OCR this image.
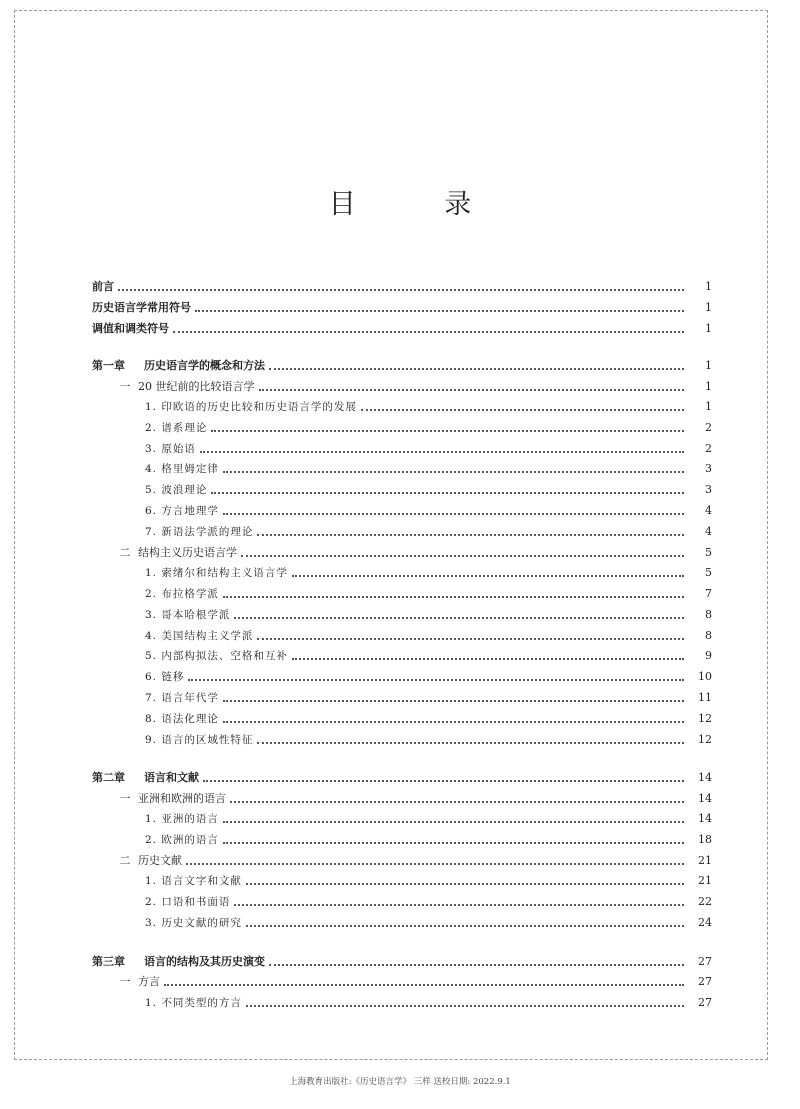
目 录
前言	1
历史语言学常用符号	1
调值和调类符号	1
第一章 历史语言学的概念和方法	1
一 20 世纪前的比较语言学	1
1. 印欧语的历史比较和历史语言学的发展	1
2. 谱系理论	2
3. 原始语	2
4. 格里姆定律	3
5. 波浪理论	3
6. 方言地理学	4
7. 新语法学派的理论	4
二 结构主义历史语言学	5
1. 索绪尔和结构主义语言学	5
2. 布拉格学派	7
3. 哥本哈根学派	8
4. 美国结构主义学派	8
5. 内部构拟法、空格和互补	9
6. 链移	10
7. 语言年代学	11
8. 语法化理论	12
9. 语言的区域性特征	12
第二章 语言和文献	14
一 亚洲和欧洲的语言	14
1. 亚洲的语言	14
2. 欧洲的语言	18
二 历史文献	21
1. 语言文字和文献	21
2. 口语和书面语	22
3. 历史文献的研究	24
第三章 语言的结构及其历史演变	27
一 方言	27
1. 不同类型的方言	27
上海教育出版社:《历史语言学》 三样 送校日期: 2022.9.1
